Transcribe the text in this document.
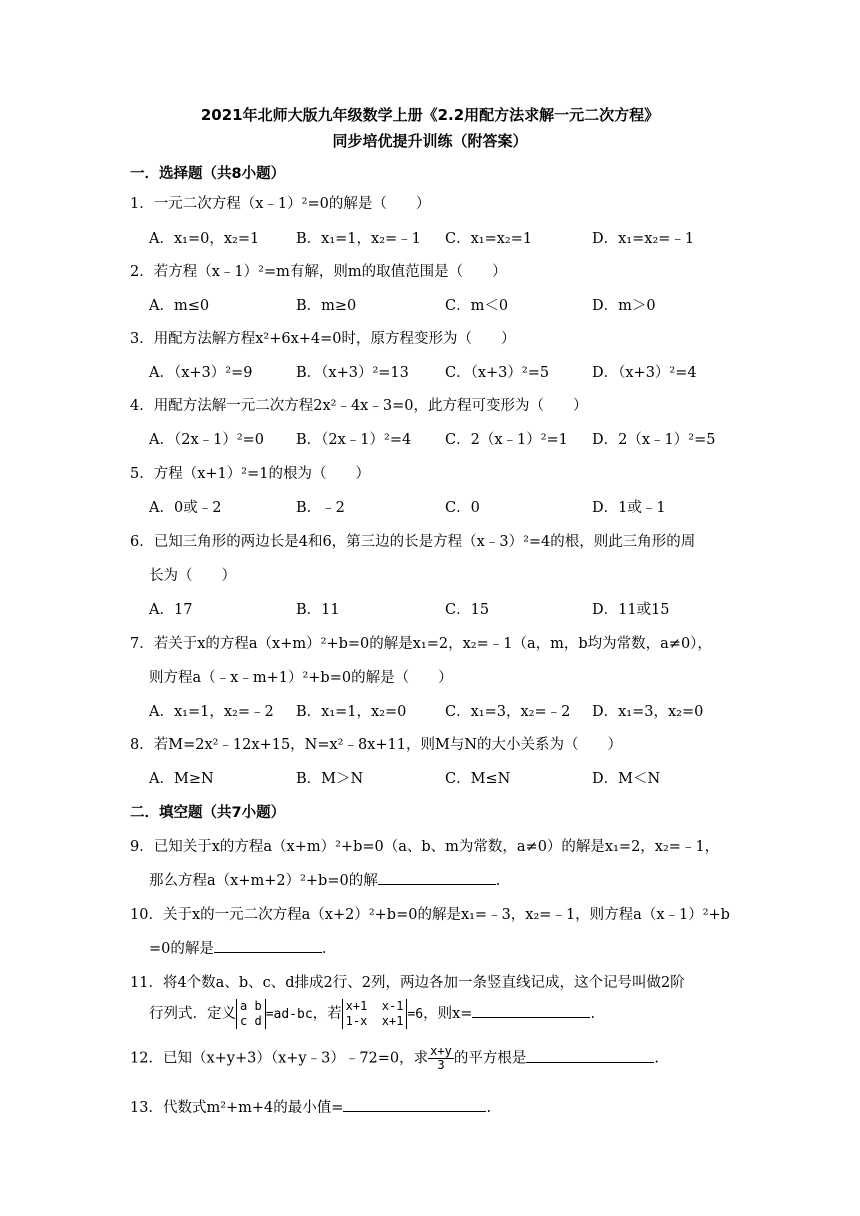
2021年北师大版九年级数学上册《2.2用配方法求解一元二次方程》
同步培优提升训练（附答案）
一．选择题（共8小题）
1．一元二次方程（x﹣1）²=0的解是（　　）
A．x₁=0，x₂=1	B．x₁=1，x₂=﹣1 C．x₁=x₂=1	D．x₁=x₂=﹣1
2．若方程（x﹣1）²=m有解，则m的取值范围是（　　）
A．m≤0	B．m≥0	C．m＜0	D．m＞0
3．用配方法解方程x²+6x+4=0时，原方程变形为（　　）
A．（x+3）²=9	B．（x+3）²=13 C．（x+3）²=5	D．（x+3）²=4
4．用配方法解一元二次方程2x²﹣4x﹣3=0，此方程可变形为（　　）
A．（2x﹣1）²=0 B．（2x﹣1）²=4 C．2（x﹣1）²=1 D．2（x﹣1）²=5
5．方程（x+1）²=1的根为（　　）
A．0或﹣2	B．﹣2	C．0	D．1或﹣1
6．已知三角形的两边长是4和6，第三边的长是方程（x﹣3）²=4的根，则此三角形的周
长为（　　）
A．17	B．11	C．15	D．11或15
7．若关于x的方程a（x+m）²+b=0的解是x₁=2，x₂=﹣1（a，m，b均为常数，a≠0），
则方程a（﹣x﹣m+1）²+b=0的解是（　　）
A．x₁=1，x₂=﹣2 B．x₁=1，x₂=0	C．x₁=3，x₂=﹣2 D．x₁=3，x₂=0
8．若M=2x²﹣12x+15，N=x²﹣8x+11，则M与N的大小关系为（　　）
A．M≥N	B．M＞N	C．M≤N	D．M＜N
二．填空题（共7小题）
9．已知关于x的方程a（x+m）²+b=0（a、b、m为常数，a≠0）的解是x₁=2，x₂=﹣1，
那么方程a（x+m+2）²+b=0的解	.
10．关于x的一元二次方程a（x+2）²+b=0的解是x₁=﹣3，x₂=﹣1，则方程a（x﹣1）²+b
=0的解是	.
11．将4个数a、b、c、d排成2行、2列，两边各加一条竖直线记成，这个记号叫做2阶
行列式．定义 a b
c d =ad-bc，若 x+1  x-1
1-x  x+1 =6，则x=	.
12．已知（x+y+3）（x+y﹣3）﹣72=0，求 $\frac{x+y}{3}$ 的平方根是	.
13．代数式m²+m+4的最小值=	.
